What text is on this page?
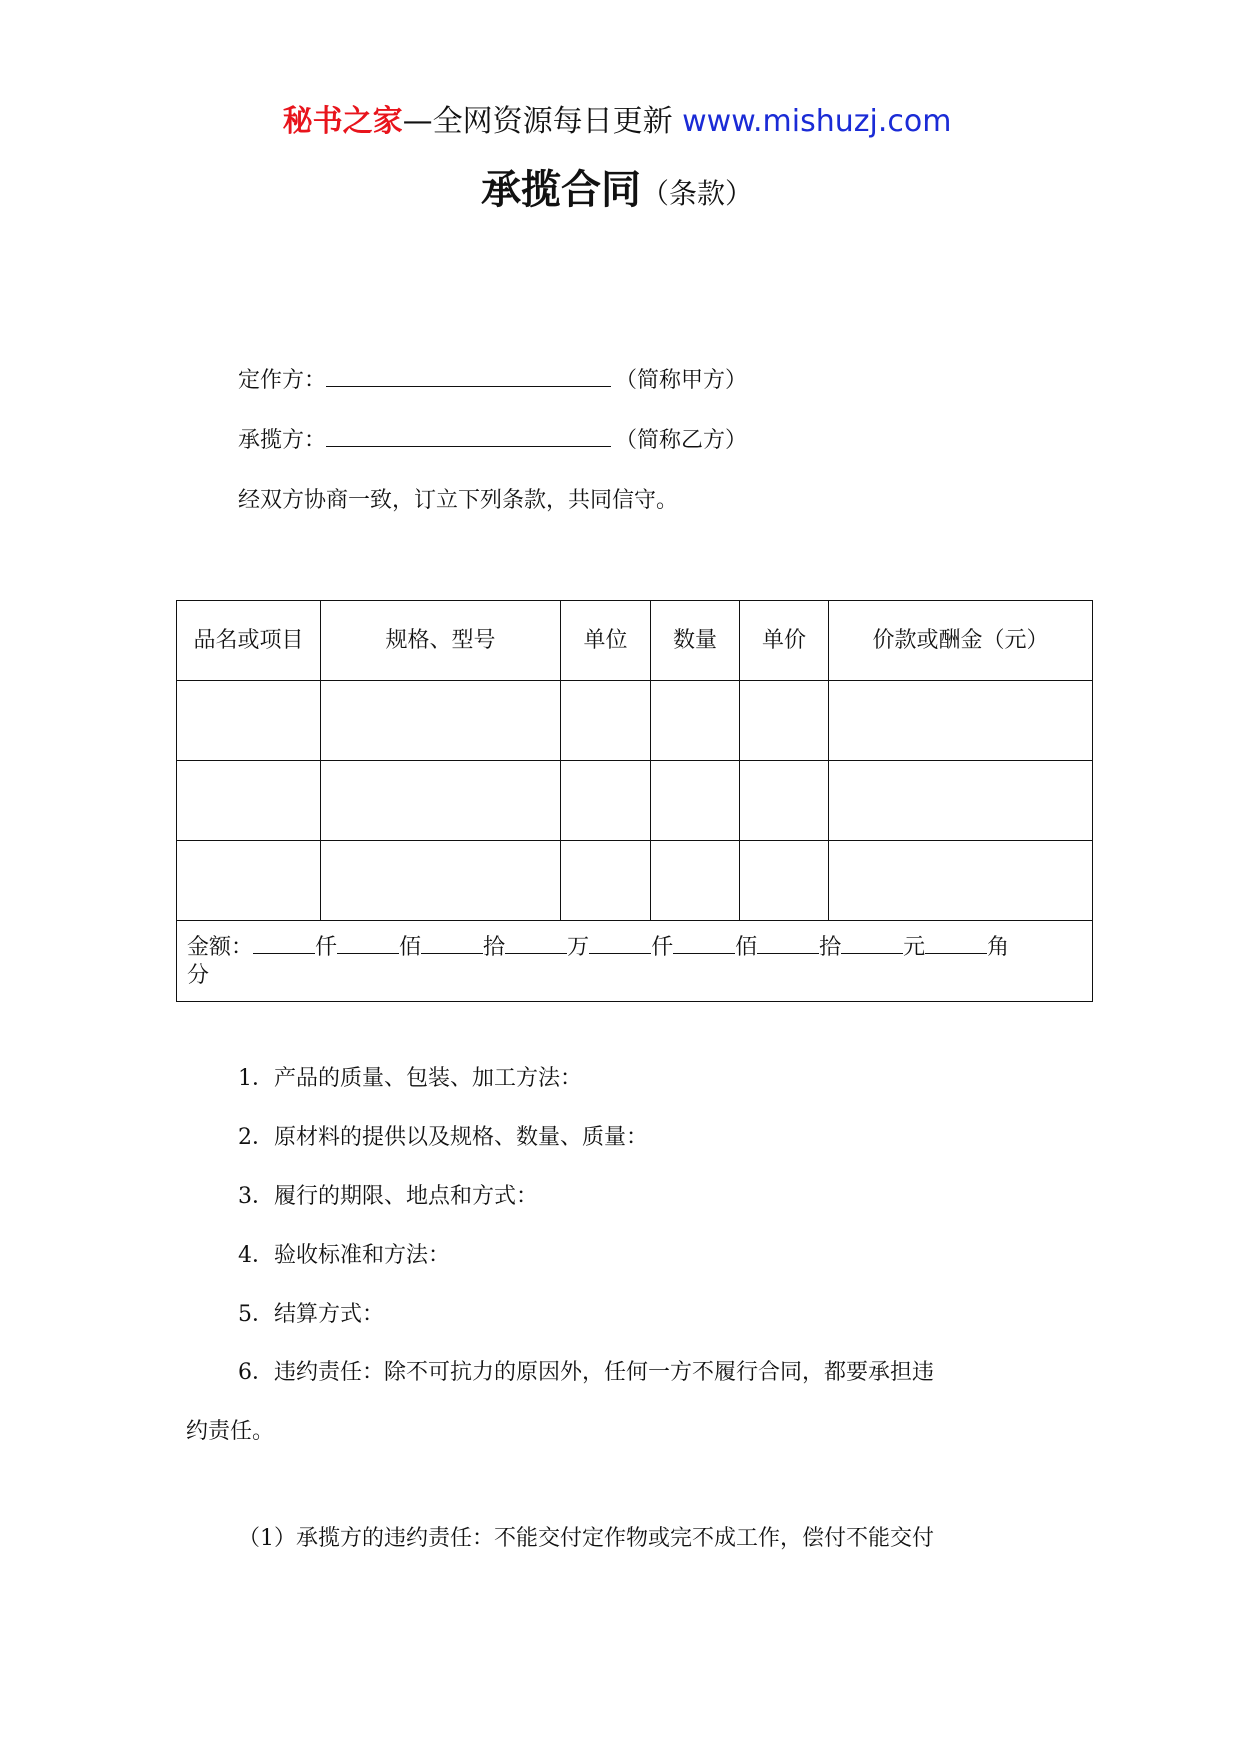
秘书之家—全网资源每日更新 www.mishuzj.com
承揽合同（条款）
定作方：	（简称甲方）
承揽方：	（简称乙方）
经双方协商一致，订立下列条款，共同信守。
品名或项目	规格、型号	单位	数量	单价	价款或酬金（元）

金额： 仟 佰 拾 万 仟 佰 拾 元 角
分					
1．产品的质量、包装、加工方法：
2．原材料的提供以及规格、数量、质量：
3．履行的期限、地点和方式：
4．验收标准和方法：
5．结算方式：
6．违约责任：除不可抗力的原因外，任何一方不履行合同，都要承担违
约责任。
（1）承揽方的违约责任：不能交付定作物或完不成工作，偿付不能交付
